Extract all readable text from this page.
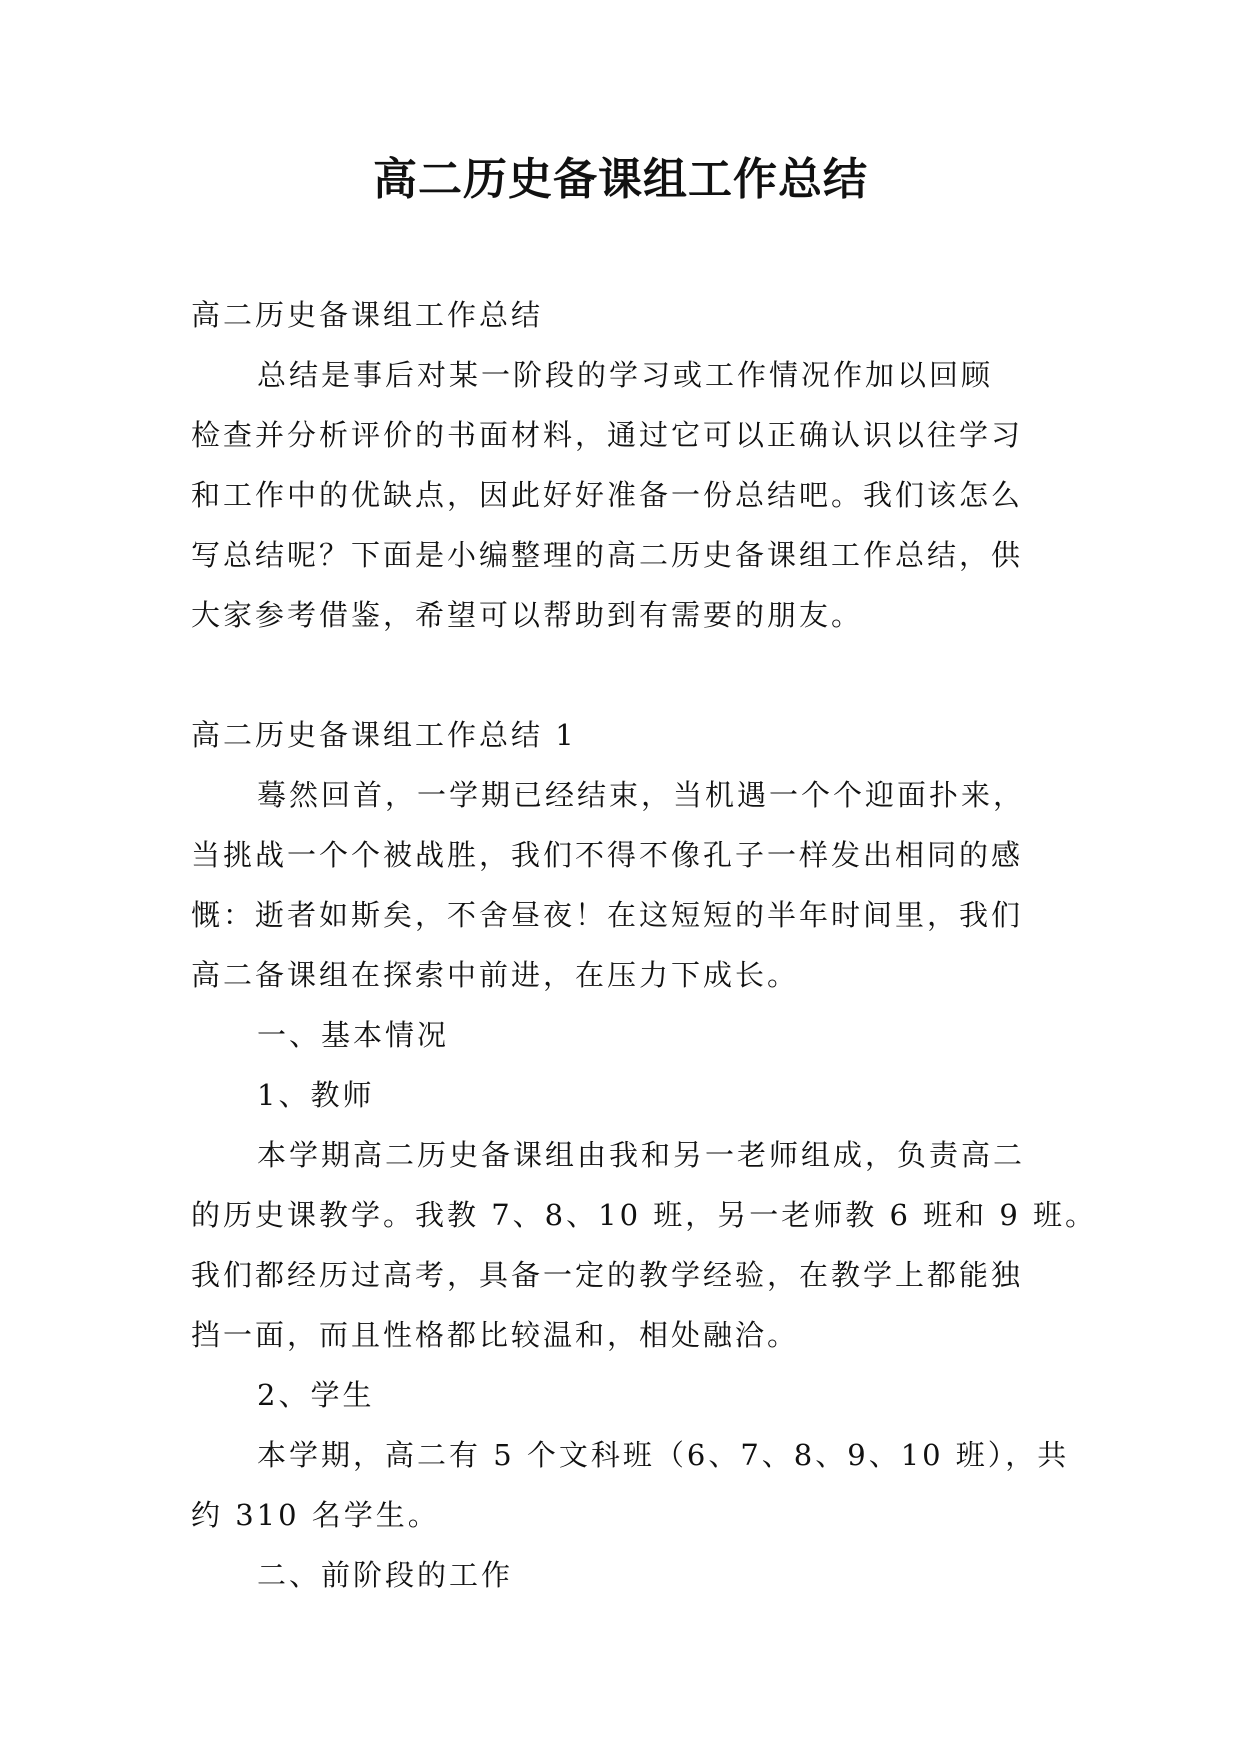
高二历史备课组工作总结

高二历史备课组工作总结

总结是事后对某一阶段的学习或工作情况作加以回顾

检查并分析评价的书面材料，通过它可以正确认识以往学习

和工作中的优缺点，因此好好准备一份总结吧。我们该怎么

写总结呢？下面是小编整理的高二历史备课组工作总结，供

大家参考借鉴，希望可以帮助到有需要的朋友。

高二历史备课组工作总结 1

蓦然回首，一学期已经结束，当机遇一个个迎面扑来，

当挑战一个个被战胜，我们不得不像孔子一样发出相同的感

慨：逝者如斯矣，不舍昼夜！在这短短的半年时间里，我们

高二备课组在探索中前进，在压力下成长。

一、基本情况

1、教师

本学期高二历史备课组由我和另一老师组成，负责高二

的历史课教学。我教 7、8、10 班，另一老师教 6 班和 9 班。

我们都经历过高考，具备一定的教学经验，在教学上都能独

挡一面，而且性格都比较温和，相处融洽。

2、学生

本学期，高二有 5 个文科班（6、7、8、9、10 班），共

约 310 名学生。

二、前阶段的工作
